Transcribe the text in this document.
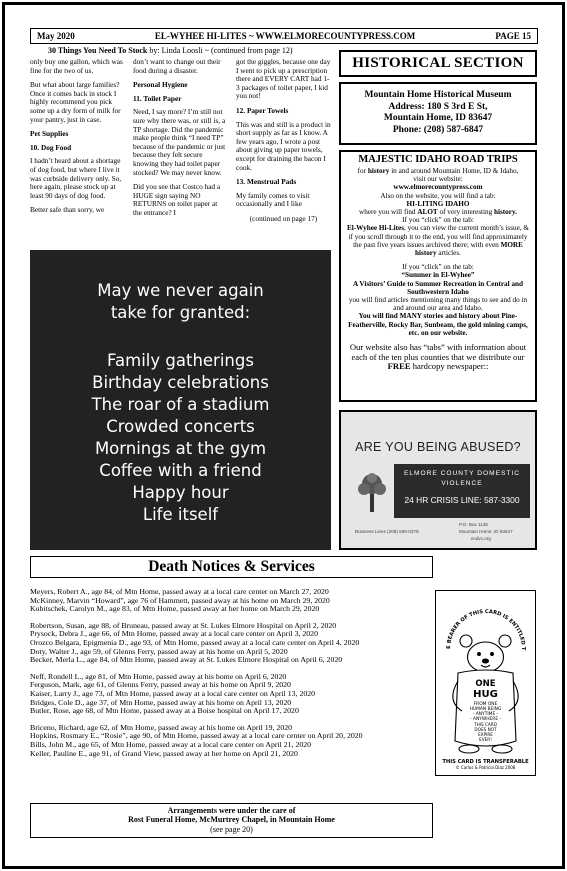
May 2020	EL-WYHEE HI-LITES ~ WWW.ELMORECOUNTYPRESS.COM	PAGE 15
30 Things You Need To Stock by: Linda Loosli ~ (continued from page 12)

only buy one gallon, which was fine for the two of us.

But what about large families? Once it comes back in stock I highly recommend you pick some up a dry form of milk for your pantry, just in case.

Pet Supplies

10. Dog Food

I hadn’t heard about a shortage of dog food, but where I live it was curbside delivery only. So, here again, please stock up at least 90 days of dog food.

Better safe than sorry, we

don’t want to change out their food during a disaster.

Personal Hygiene

11. Toilet Paper

Need, I say more? I’m still not sure why there was, or still is, a TP shortage. Did the pandemic make people think “I need TP” because of the pandemic or just because they felt secure knowing they had toilet paper stocked? We may never know.

Did you see that Costco had a HUGE sign saying NO RETURNS on toilet paper at the entrance? I

got the giggles, because one day I went to pick up a prescription there and EVERY CART had 1-3 packages of toilet paper, I kid you not!

12. Paper Towels

This was and still is a product in short supply as far as I know. A few years ago, I wrote a post about giving up paper towels, except for draining the bacon I cook.

13. Menstrual Pads

My family comes to visit occasionally and I like

(continued on page 17)

HISTORICAL SECTION
Mountain Home Historical Museum
Address: 180 S 3rd E St,
Mountain Home, ID 83647
Phone: (208) 587-6847
MAJESTIC IDAHO ROAD TRIPS
for history in and around Mountain Home, ID & Idaho,
visit our website:
www.elmorecountypress.com
Also on the website, you will find a tab:
HI-LITING IDAHO
where you will find ALOT of very interesting history.
If you “click” on the tab:
El-Wyhee Hi-Lites, you can view the current month’s issue, & if you scroll through it to the end, you will find approximately the past five years issues archived there; with even MORE history articles.
If you “click” on the tab:
“Summer in El-Wyhee”
A Visitors’ Guide to Summer Recreation in Central and Southwestern Idaho
you will find articles mentioning many things to see and do in and around our area and Idaho.
You will find MANY stories and history about Pine-Featherville, Rocky Bar, Sunbeam, the gold mining camps, etc. on our website.
Our website also has “tabs” with information about each of the ten plus counties that we distribute our FREE hardcopy newspaper::
ARE YOU BEING ABUSED?
ELMORE COUNTY DOMESTIC
VIOLENCE
24 HR CRISIS LINE: 587-3300
P.O. Box 1136
Business Lines (208) 590-0379	Mountain Home, ID 83647
ecdvc.org
May we never again
take for granted:
Family gatherings
Birthday celebrations
The roar of a stadium
Crowded concerts
Mornings at the gym
Coffee with a friend
Happy hour
Life itself
Death Notices & Services
Meyers, Robert A., age 84, of Mtn Home, passed away at a local care center on March 27, 2020
McKinney, Marvin “Howard”, age 76 of Hammett, passed away at his home on March 29, 2020
Kubitschek, Carolyn M., age 83, of Mtn Home, passed away at her home on March 29, 2020
Robertson, Susan, age 88, of Bruneau, passed away at St. Lukes Elmore Hospital on April 2, 2020
Prysock, Debra J., age 66, of Mtn Home, passed away at a local care center on April 3, 2020
Orozco Belgara, Epigmenia D., age 93, of Mtn Home, passed away at a local care center on April 4, 2020
Doty, Walter J., age 59, of Glenns Ferry, passed away at his home on April 5, 2020
Becker, Merla L., age 84, of Mtn Home, passed away at St. Lukes Elmore Hospital on April 6, 2020
Neff, Rondell L., age 81, of Mtn Home, passed away at his home on April 6, 2020
Ferguson, Mark, age 61, of Glenns Ferry, passed away at his home on April 9, 2020
Kaiser, Larry J., age 73, of Mtn Home, passed away at a local care center on April 13, 2020
Bridges, Cole D., age 37, of Mtn Home, passed away at his home on April 13, 2020
Butler, Rose, age 68, of Mtn Home, passed away at a Boise hospital on April 17, 2020
Briceno, Richard, age 62, of Mtn Home, passed away at his home on April 19, 2020
Hopkins, Rosmary E., “Rosie”, age 90, of Mtn Home, passed away at a local care center on April 20, 2020
Bills, John M., age 65, of Mtn Home, passed away at a local care center on April 21, 2020
Keller, Pauline E., age 91, of Grand View, passed away at her home on April 21, 2020
E BEARER OF THIS CARD IS ENTITLED T
ONE
HUG
FROM ONE
HUMAN BEING
- ANYTIME -
- ANYWHERE -
THIS CARD
DOES NOT
EXPIRE
EVER!
THIS CARD IS TRANSFERABLE
© Carlos & Patricia Diaz 2008
Arrangements were under the care of
Rost Funeral Home, McMurtrey Chapel, in Mountain Home
(see page 20)
